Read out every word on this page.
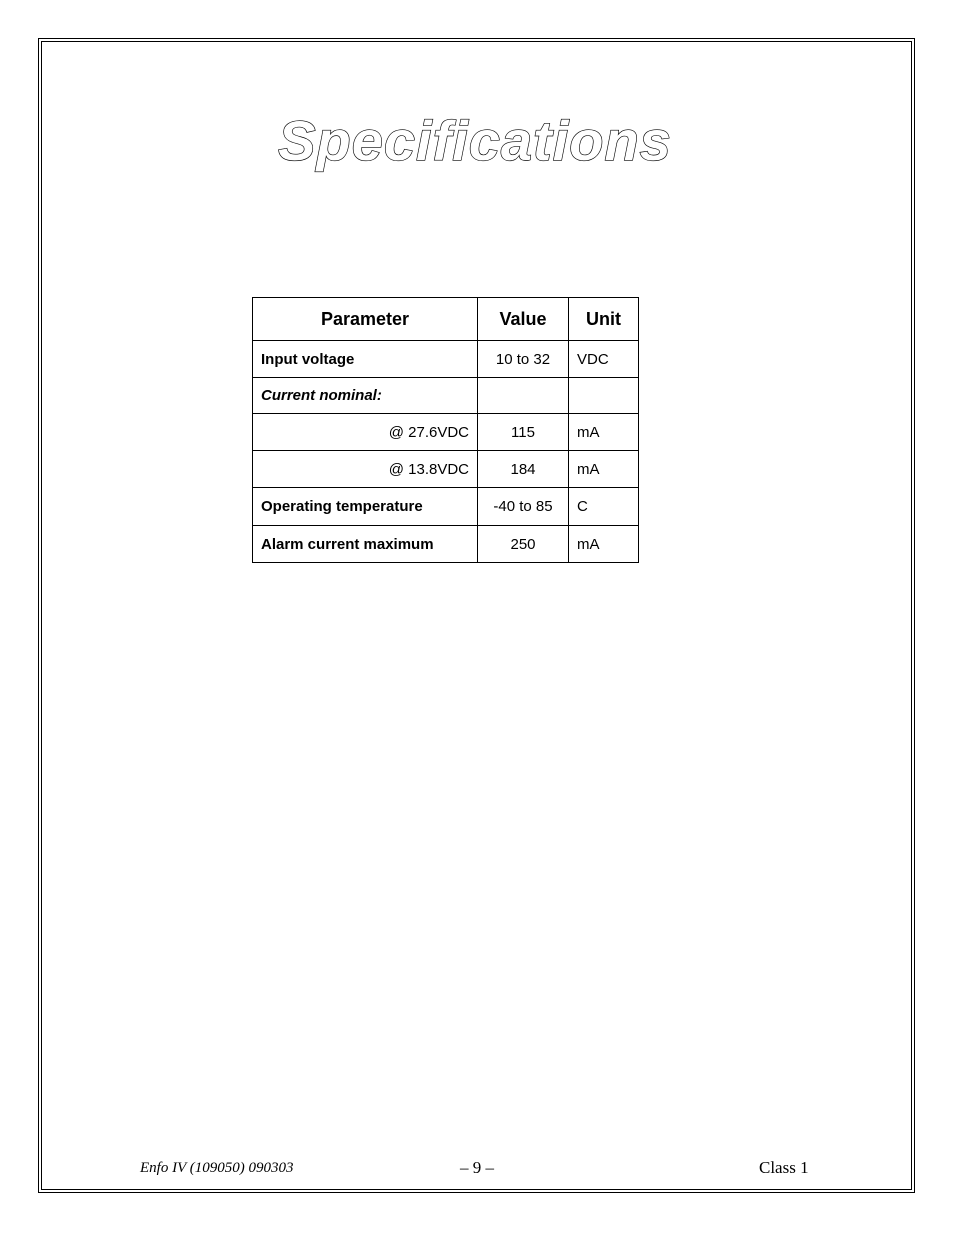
Specifications
Parameter	Value	Unit
Input voltage	10 to 32	VDC
Current nominal:		
@ 27.6VDC	115	mA
@ 13.8VDC	184	mA
Operating temperature	-40 to 85	C
Alarm current maximum	250	mA
Enfo IV (109050) 090303	– 9 –	Class 1
